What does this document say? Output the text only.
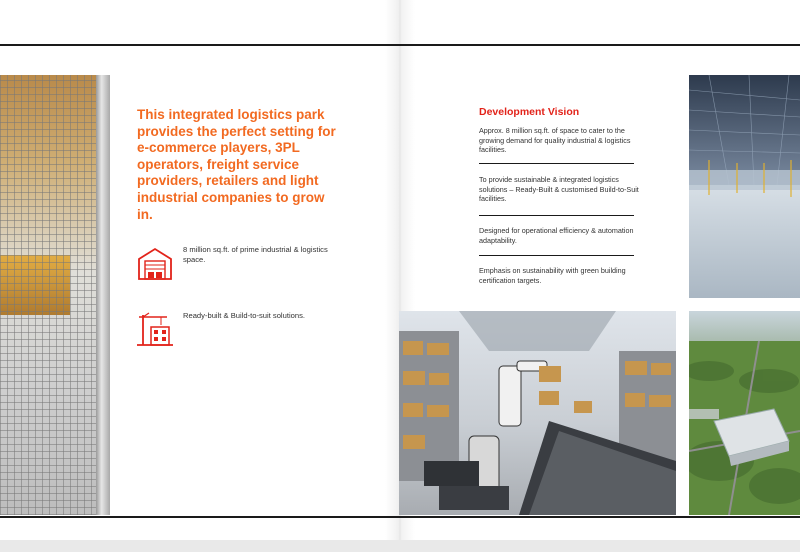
This integrated logistics park provides the perfect setting for e-commerce players, 3PL operators, freight service providers, retailers and light industrial companies to grow in.

8 million sq.ft. of prime industrial & logistics space.
Ready-built & Build-to-suit solutions.
Development Vision
Approx. 8 million sq.ft. of space to cater to the growing demand for quality industrial & logistics facilities.
To provide sustainable & integrated logistics solutions – Ready-Built & customised Build-to-Suit facilities.
Designed for operational efficiency & automation adaptability.
Emphasis on sustainability with green building certification targets.
